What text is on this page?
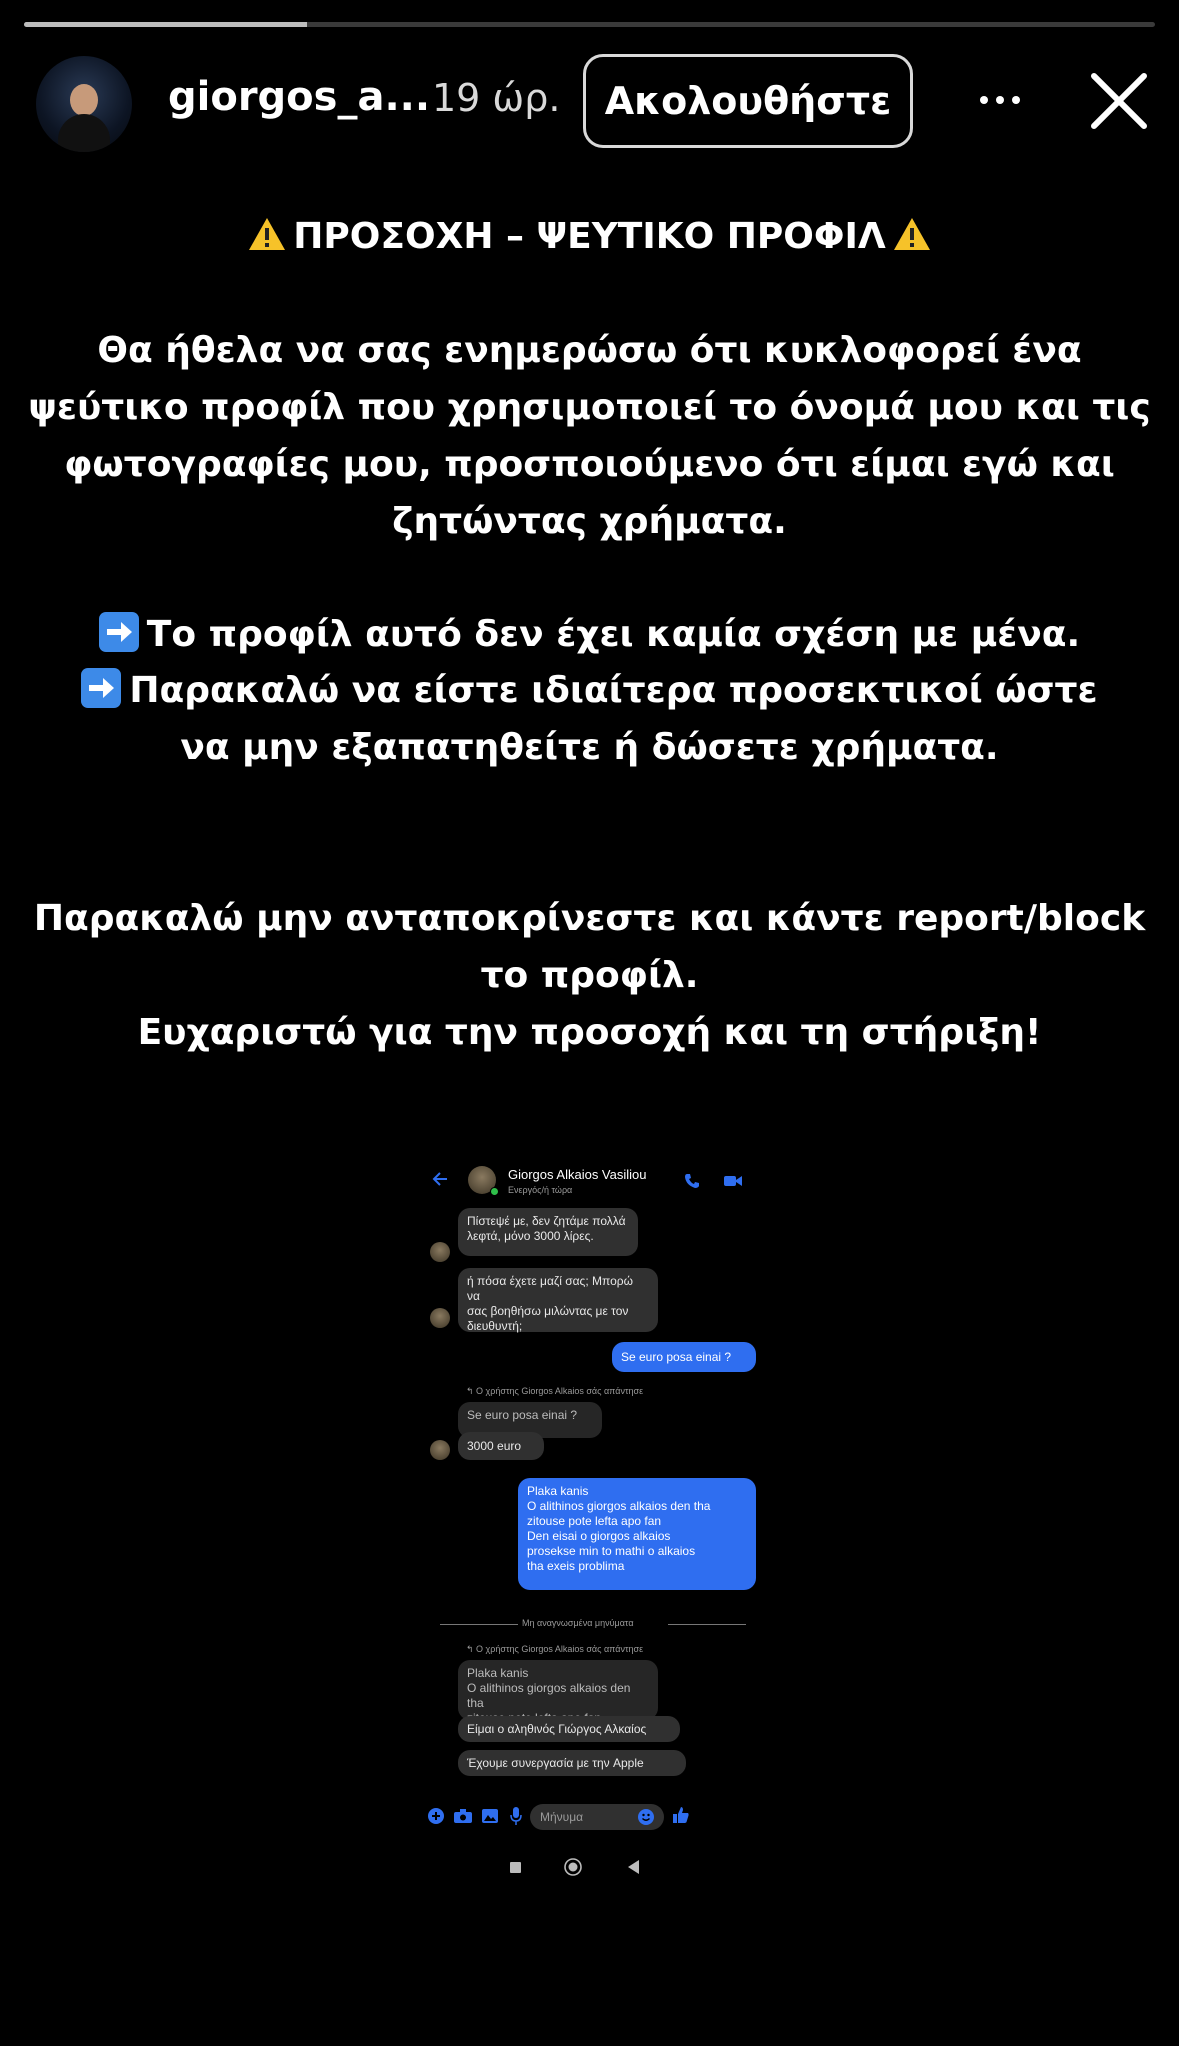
giorgos_a... 19 ώρ.	Ακολουθήστε
ΠΡΟΣΟΧΗ – ΨΕΥΤΙΚΟ ΠΡΟΦΙΛ
Θα ήθελα να σας ενημερώσω ότι κυκλοφορεί ένα
ψεύτικο προφίλ που χρησιμοποιεί το όνομά μου και τις
φωτογραφίες μου, προσποιούμενο ότι είμαι εγώ και
ζητώντας χρήματα.
Το προφίλ αυτό δεν έχει καμία σχέση με μένα.
Παρακαλώ να είστε ιδιαίτερα προσεκτικοί ώστε
να μην εξαπατηθείτε ή δώσετε χρήματα.
Παρακαλώ μην ανταποκρίνεστε και κάντε report/block
το προφίλ.
Ευχαριστώ για την προσοχή και τη στήριξη!
Giorgos Alkaios Vasiliou
Ενεργός/ή τώρα
Πίστεψέ με, δεν ζητάμε πολλά
λεφτά, μόνο 3000 λίρες.
ή πόσα έχετε μαζί σας; Μπορώ να
σας βοηθήσω μιλώντας με τον
διευθυντή;
Se euro posa einai ?
↰ Ο χρήστης Giorgos Alkaios σάς απάντησε
Se euro posa einai ?
3000 euro
Plaka kanis
O alithinos giorgos alkaios den tha
zitouse pote lefta apo fan
Den eisai o giorgos alkaios
prosekse min to mathi o alkaios
tha exeis problima
Μη αναγνωσμένα μηνύματα
↰ Ο χρήστης Giorgos Alkaios σάς απάντησε
Plaka kanis
O alithinos giorgos alkaios den tha
Είμαι ο αληθινός Γιώργος Αλκαίος
Έχουμε συνεργασία με την Apple
Μήνυμα
